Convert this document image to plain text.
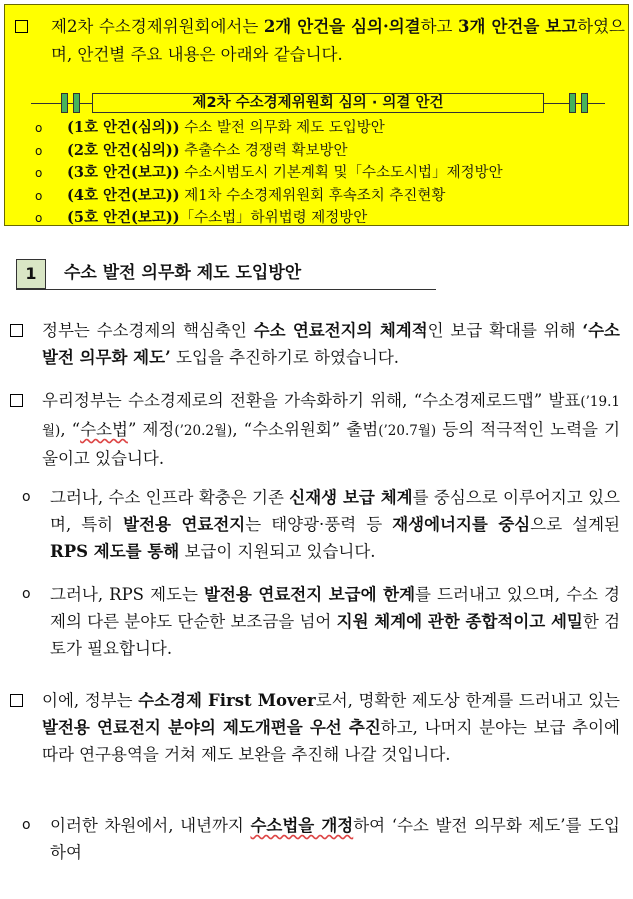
제2차 수소경제위원회에서는 2개 안건을 심의·의결하고 3개 안건을 보고하였으며, 안건별 주요 내용은 아래와 같습니다.
제2차 수소경제위원회 심의 · 의결 안건
o (1호 안건(심의)) 수소 발전 의무화 제도 도입방안
o (2호 안건(심의)) 추출수소 경쟁력 확보방안
o (3호 안건(보고)) 수소시범도시 기본계획 및「수소도시법」제정방안
o (4호 안건(보고)) 제1차 수소경제위원회 후속조치 추진현황
o (5호 안건(보고))「수소법」하위법령 제정방안
1	수소 발전 의무화 제도 도입방안
정부는 수소경제의 핵심축인 수소 연료전지의 체계적인 보급 확대를 위해 ‘수소 발전 의무화 제도’ 도입을 추진하기로 하였습니다.
우리정부는 수소경제로의 전환을 가속화하기 위해, “수소경제로드맵” 발표(’19.1월), “수소법” 제정(’20.2월), “수소위원회” 출범(’20.7월) 등의 적극적인 노력을 기울이고 있습니다.
o	그러나, 수소 인프라 확충은 기존 신재생 보급 체계를 중심으로 이루어지고 있으며, 특히 발전용 연료전지는 태양광·풍력 등 재생에너지를 중심으로 설계된 RPS 제도를 통해 보급이 지원되고 있습니다.
o	그러나, RPS 제도는 발전용 연료전지 보급에 한계를 드러내고 있으며, 수소 경제의 다른 분야도 단순한 보조금을 넘어 지원 체계에 관한 종합적이고 세밀한 검토가 필요합니다.
이에, 정부는 수소경제 First Mover로서, 명확한 제도상 한계를 드러내고 있는 발전용 연료전지 분야의 제도개편을 우선 추진하고, 나머지 분야는 보급 추이에 따라 연구용역을 거쳐 제도 보완을 추진해 나갈 것입니다.
o	이러한 차원에서, 내년까지 수소법을 개정하여 ‘수소 발전 의무화 제도’를 도입하여
